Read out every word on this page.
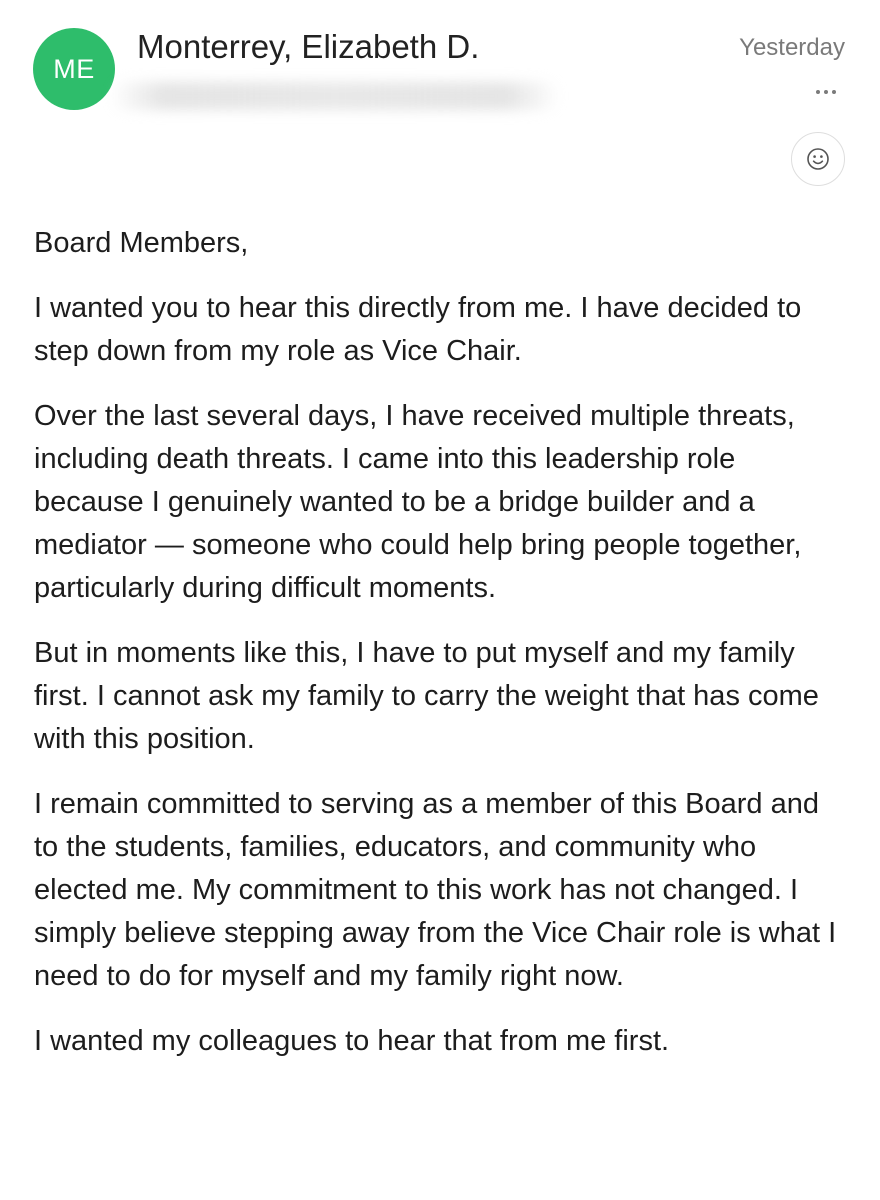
ME
Monterrey, Elizabeth D.	Yesterday

Board Members,

I wanted you to hear this directly from me. I have decided to step down from my role as Vice Chair.

Over the last several days, I have received multiple threats, including death threats. I came into this leadership role because I genuinely wanted to be a bridge builder and a mediator — someone who could help bring people together, particularly during difficult moments.

But in moments like this, I have to put myself and my family first. I cannot ask my family to carry the weight that has come with this position.

I remain committed to serving as a member of this Board and to the students, families, educators, and community who elected me. My commitment to this work has not changed. I simply believe stepping away from the Vice Chair role is what I need to do for myself and my family right now.

I wanted my colleagues to hear that from me first.
